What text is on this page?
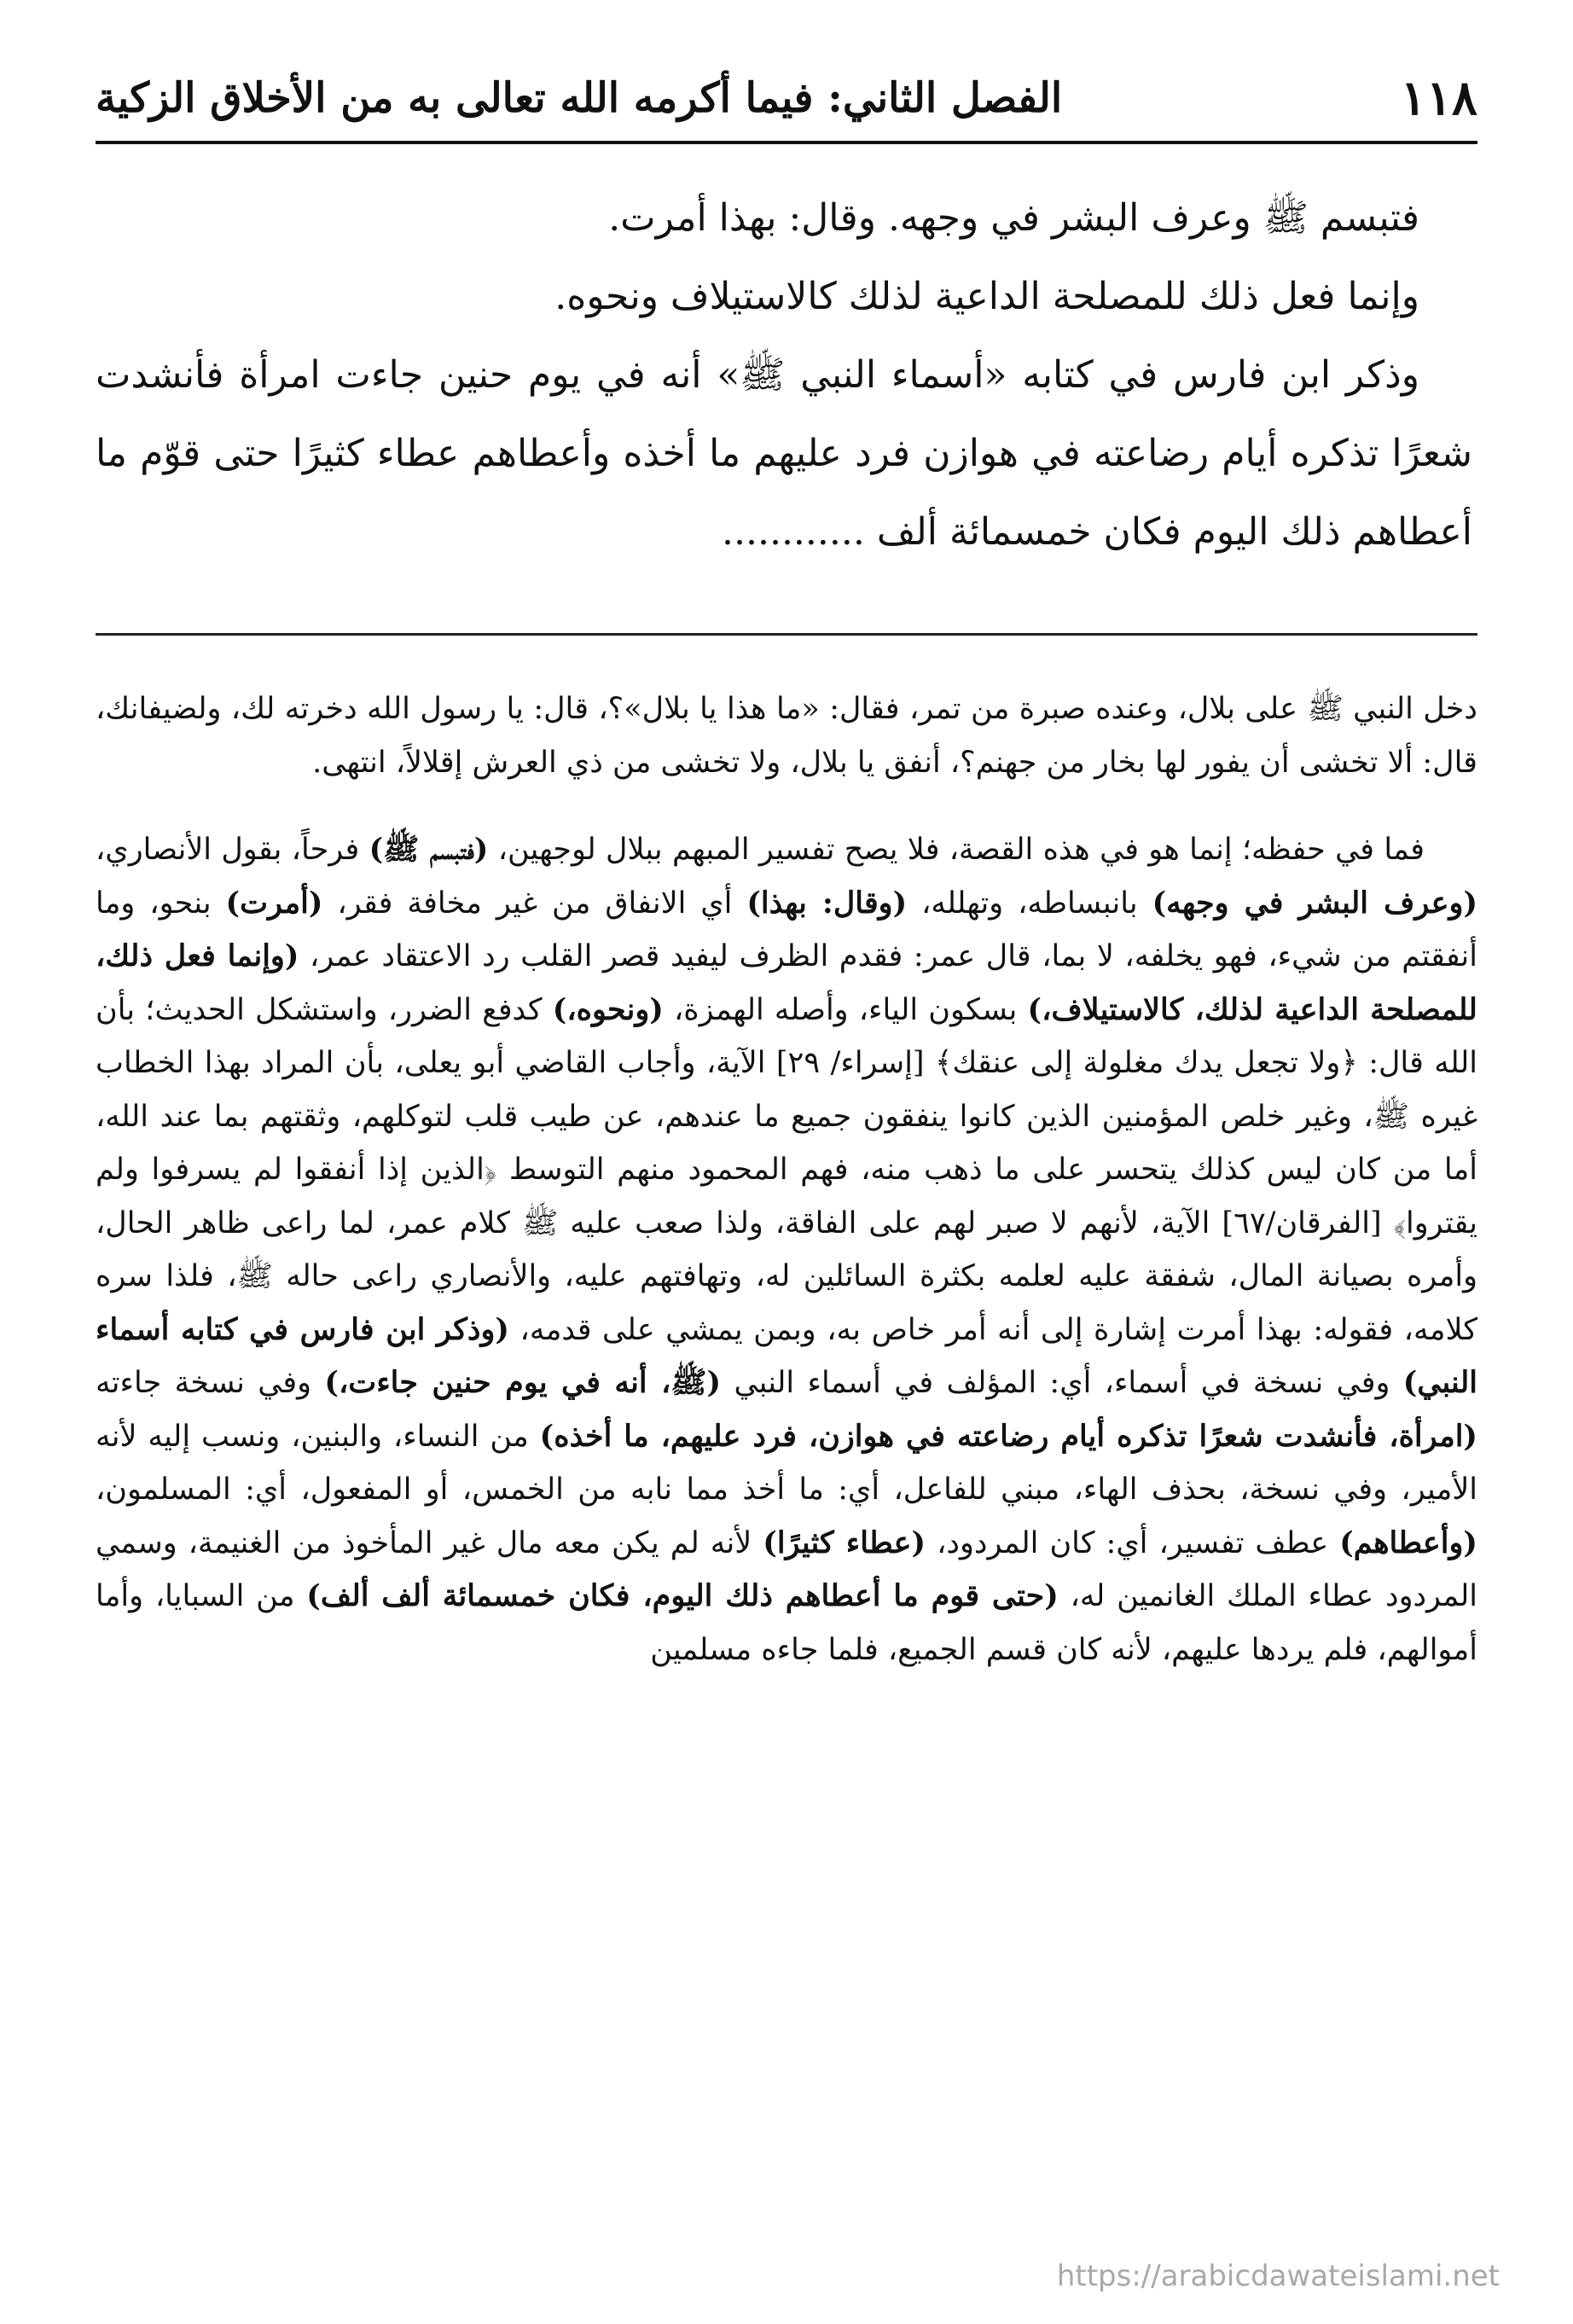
١١٨
الفصل الثاني: فيما أكرمه الله تعالى به من الأخلاق الزكية

فتبسم ﷺ وعرف البشر في وجهه. وقال: بهذا أمرت.

وإنما فعل ذلك للمصلحة الداعية لذلك كالاستيلاف ونحوه.

وذكر ابن فارس في كتابه «أسماء النبي ﷺ» أنه في يوم حنين جاءت امرأة فأنشدت شعرًا تذكره أيام رضاعته في هوازن فرد عليهم ما أخذه وأعطاهم عطاء كثيرًا حتى قوّم ما أعطاهم ذلك اليوم فكان خمسمائة ألف ............

دخل النبي ﷺ على بلال، وعنده صبرة من تمر، فقال: «ما هذا يا بلال»؟، قال: يا رسول الله دخرته لك، ولضيفانك، قال: ألا تخشى أن يفور لها بخار من جهنم؟، أنفق يا بلال، ولا تخشى من ذي العرش إقلالاً، انتهى.

فما في حفظه؛ إنما هو في هذه القصة، فلا يصح تفسير المبهم ببلال لوجهين، (فتبسم ﷺ) فرحاً، بقول الأنصاري، (وعرف البشر في وجهه) بانبساطه، وتهلله، (وقال: بهذا) أي الانفاق من غير مخافة فقر، (أمرت) بنحو، وما أنفقتم من شيء، فهو يخلفه، لا بما، قال عمر: فقدم الظرف ليفيد قصر القلب رد الاعتقاد عمر، (وإنما فعل ذلك، للمصلحة الداعية لذلك، كالاستيلاف،) بسكون الياء، وأصله الهمزة، (ونحوه،) كدفع الضرر، واستشكل الحديث؛ بأن الله قال: ﴿ولا تجعل يدك مغلولة إلى عنقك﴾ [إسراء/ ٢٩] الآية، وأجاب القاضي أبو يعلى، بأن المراد بهذا الخطاب غيره ﷺ، وغير خلص المؤمنين الذين كانوا ينفقون جميع ما عندهم، عن طيب قلب لتوكلهم، وثقتهم بما عند الله، أما من كان ليس كذلك يتحسر على ما ذهب منه، فهم المحمود منهم التوسط ﴿الذين إذا أنفقوا لم يسرفوا ولم يقتروا﴾ [الفرقان/٦٧] الآية، لأنهم لا صبر لهم على الفاقة، ولذا صعب عليه ﷺ كلام عمر، لما راعى ظاهر الحال، وأمره بصيانة المال، شفقة عليه لعلمه بكثرة السائلين له، وتهافتهم عليه، والأنصاري راعى حاله ﷺ، فلذا سره كلامه، فقوله: بهذا أمرت إشارة إلى أنه أمر خاص به، وبمن يمشي على قدمه، (وذكر ابن فارس في كتابه أسماء النبي) وفي نسخة في أسماء، أي: المؤلف في أسماء النبي (ﷺ، أنه في يوم حنين جاءت،) وفي نسخة جاءته (امرأة، فأنشدت شعرًا تذكره أيام رضاعته في هوازن، فرد عليهم، ما أخذه) من النساء، والبنين، ونسب إليه لأنه الأمير، وفي نسخة، بحذف الهاء، مبني للفاعل، أي: ما أخذ مما نابه من الخمس، أو المفعول، أي: المسلمون، (وأعطاهم) عطف تفسير، أي: كان المردود، (عطاء كثيرًا) لأنه لم يكن معه مال غير المأخوذ من الغنيمة، وسمي المردود عطاء الملك الغانمين له، (حتى قوم ما أعطاهم ذلك اليوم، فكان خمسمائة ألف ألف) من السبايا، وأما أموالهم، فلم يردها عليهم، لأنه كان قسم الجميع، فلما جاءه مسلمين

https://arabicdawateislami.net
